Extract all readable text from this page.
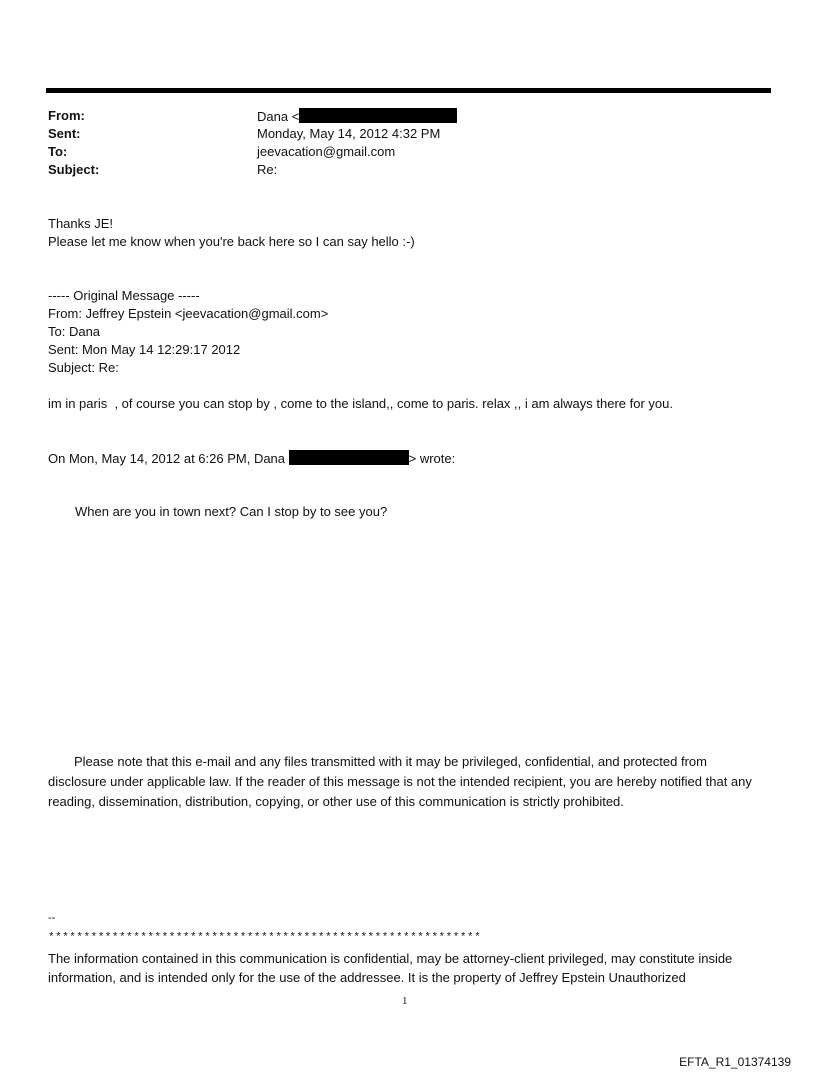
From:	Dana <
Sent:	Monday, May 14, 2012 4:32 PM
To:	jeevacation@gmail.com
Subject:	Re:
Thanks JE!
Please let me know when you're back here so I can say hello :-)
----- Original Message -----
From: Jeffrey Epstein <jeevacation@gmail.com>
To: Dana
Sent: Mon May 14 12:29:17 2012
Subject: Re:
im in paris  , of course you can stop by , come to the island,, come to paris. relax ,, i am always there for you.
On Mon, May 14, 2012 at 6:26 PM, Dana	> wrote:
When are you in town next? Can I stop by to see you?
Please note that this e-mail and any files transmitted with it may be privileged, confidential, and protected from disclosure under applicable law. If the reader of this message is not the intended recipient, you are hereby notified that any reading, dissemination, distribution, copying, or other use of this communication is strictly prohibited.
--
*************************************************************
The information contained in this communication is confidential, may be attorney-client privileged, may constitute inside information, and is intended only for the use of the addressee. It is the property of Jeffrey Epstein Unauthorized
1
EFTA_R1_01374139
